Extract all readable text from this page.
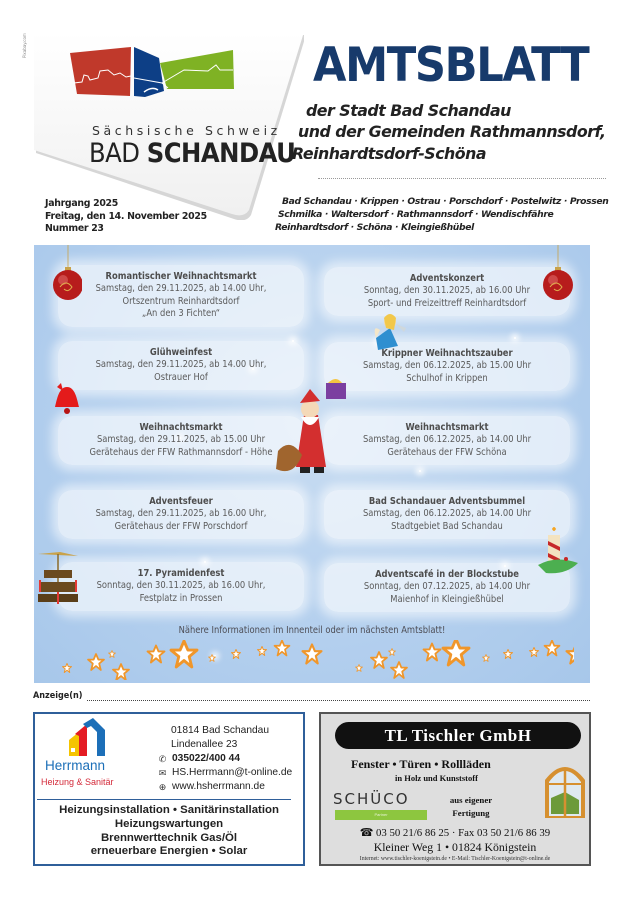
Pixabay.com
Sächsische Schweiz
BAD SCHANDAU
Jahrgang 2025
Freitag, den 14. November 2025
Nummer 23
AMTSBLATT
der Stadt Bad Schandau
und der Gemeinden Rathmannsdorf,
Reinhardtsdorf-Schöna
Bad Schandau · Krippen · Ostrau · Porschdorf · Postelwitz · Prossen
Schmilka · Waltersdorf · Rathmannsdorf · Wendischfähre
Reinhardtsdorf · Schöna · Kleingießhübel
Romantischer Weihnachtsmarkt
Samstag, den 29.11.2025, ab 14.00 Uhr,
Ortszentrum Reinhardtsdorf
„An den 3 Fichten“
Glühweinfest
Samstag, den 29.11.2025, ab 14.00 Uhr,
Ostrauer Hof
Weihnachtsmarkt
Samstag, den 29.11.2025, ab 15.00 Uhr
Gerätehaus der FFW Rathmannsdorf - Höhe
Adventsfeuer
Samstag, den 29.11.2025, ab 16.00 Uhr,
Gerätehaus der FFW Porschdorf
17. Pyramidenfest
Sonntag, den 30.11.2025, ab 16.00 Uhr,
Festplatz in Prossen
Adventskonzert
Sonntag, den 30.11.2025, ab 16.00 Uhr
Sport- und Freizeittreff Reinhardtsdorf
Krippner Weihnachtszauber
Samstag, den 06.12.2025, ab 15.00 Uhr
Schulhof in Krippen
Weihnachtsmarkt
Samstag, den 06.12.2025, ab 14.00 Uhr
Gerätehaus der FFW Schöna
Bad Schandauer Adventsbummel
Samstag, den 06.12.2025, ab 14.00 Uhr
Stadtgebiet Bad Schandau
Adventscafé in der Blockstube
Sonntag, den 07.12.2025, ab 14.00 Uhr
Maienhof in Kleingießhübel
Nähere Informationen im Innenteil oder im nächsten Amtsblatt!
Anzeige(n)
Herrmann
Heizung & Sanitär
01814 Bad Schandau
Lindenallee 23
✆ 035022/400 44
✉ HS.Herrmann@t-online.de
⊕ www.hsherrmann.de
Heizungsinstallation • Sanitärinstallation
Heizungswartungen
Brennwerttechnik Gas/Öl
erneuerbare Energien • Solar
TL Tischler GmbH
Fenster • Türen • Rollläden
in Holz und Kunststoff
SCHÜCO
Partner
aus eigener
Fertigung
☎ 03 50 21/6 86 25 · Fax 03 50 21/6 86 39
Kleiner Weg 1 • 01824 Königstein
Internet: www.tischler-koenigstein.de • E-Mail: Tischler-Koenigstein@t-online.de
